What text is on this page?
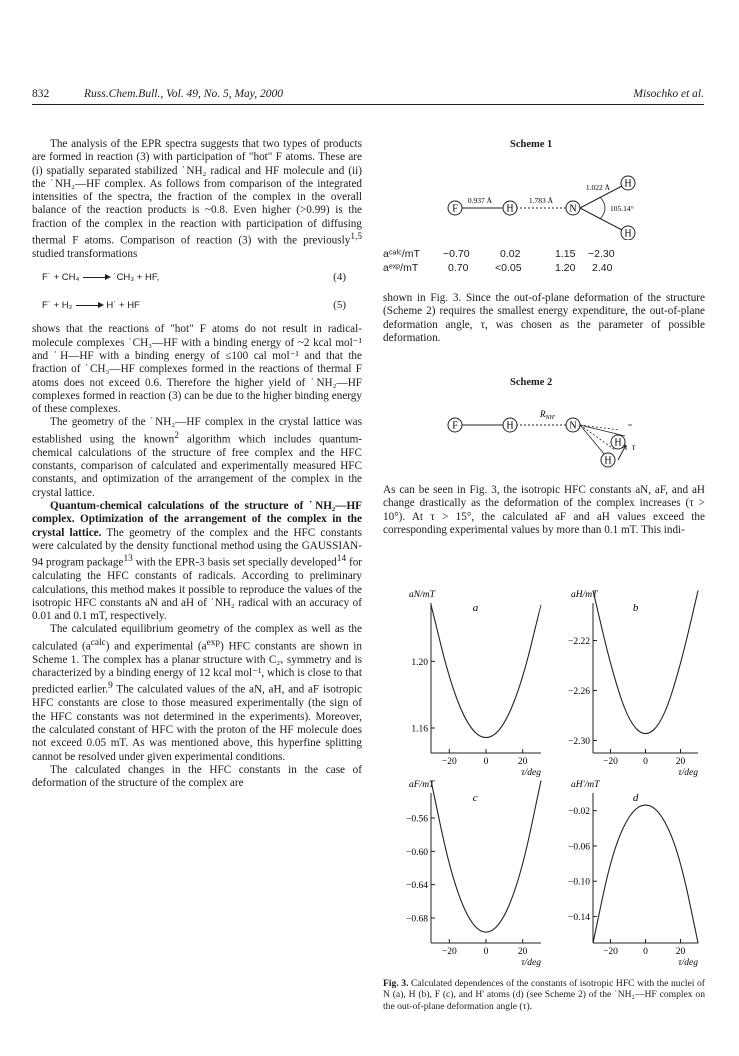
832	Russ.Chem.Bull., Vol. 49, No. 5, May, 2000	Misochko et al.

The analysis of the EPR spectra suggests that two types of products are formed in reaction (3) with participation of "hot" F atoms. These are (i) spatially separated stabilized ˙NH₂ radical and HF molecule and (ii) the ˙NH₂—HF complex. As follows from comparison of the integrated intensities of the spectra, the fraction of the complex in the overall balance of the reaction products is ~0.8. Even higher (>0.99) is the fraction of the complex in the reaction with participation of diffusing thermal F atoms. Comparison of reaction (3) with the previously$^{1,5}$ studied transformations

F˙ + CH₄ → ˙CH₃ + HF,	(4)
F˙ + H₂ → H˙ + HF	(5)

shows that the reactions of "hot" F atoms do not result in radical-molecule complexes ˙CH₃—HF with a binding energy of ~2 kcal mol⁻¹ and ˙H—HF with a binding energy of ≤100 cal mol⁻¹ and that the fraction of ˙CH₃—HF complexes formed in the reactions of thermal F atoms does not exceed 0.6. Therefore the higher yield of ˙NH₂—HF complexes formed in reaction (3) can be due to the higher binding energy of these complexes.

The geometry of the ˙NH₂—HF complex in the crystal lattice was established using the known$^2$ algorithm which includes quantum-chemical calculations of the structure of free complex and the HFC constants, comparison of calculated and experimentally measured HFC constants, and optimization of the arrangement of the complex in the crystal lattice.

Quantum-chemical calculations of the structure of ˙NH₂—HF complex. Optimization of the arrangement of the complex in the crystal lattice. The geometry of the complex and the HFC constants were calculated by the density functional method using the GAUSSIAN-94 program package$^{13}$ with the EPR-3 basis set specially developed$^{14}$ for calculating the HFC constants of radicals. According to preliminary calculations, this method makes it possible to reproduce the values of the isotropic HFC constants aN and aH of ˙NH₂ radical with an accuracy of 0.01 and 0.1 mT, respectively.

The calculated equilibrium geometry of the complex as well as the calculated $(a^{calc})$ and experimental $(a^{exp})$ HFC constants are shown in Scheme 1. The complex has a planar structure with C₂ᵥ symmetry and is characterized by a binding energy of 12 kcal mol⁻¹, which is close to that predicted earlier.$^9$ The calculated values of the aN, aH, and aF isotropic HFC constants are close to those measured experimentally (the sign of the HFC constants was not determined in the experiments). Moreover, the calculated constant of HFC with the proton of the HF molecule does not exceed 0.05 mT. As was mentioned above, this hyperfine splitting cannot be resolved under given experimental conditions.

The calculated changes in the HFC constants in the case of deformation of the structure of the complex are

Scheme 1
F	H	N
H
H
0.937 Å	1.783 Å
1.022 Å
105.14°
aᶜᵃˡᶜ/mT −0.70	0.02	1.15 −2.30
aᵉˣᵖ/mT	0.70	<0.05	1.20 2.40

shown in Fig. 3. Since the out-of-plane deformation of the structure (Scheme 2) requires the smallest energy expenditure, the out-of-plane deformation angle, τ, was chosen as the parameter of possible deformation.

Scheme 2
F	H	N
H
H
$R_{NH'}$
τ

As can be seen in Fig. 3, the isotropic HFC constants aN, aF, and aH change drastically as the deformation of the complex increases (τ > 10°). At τ > 15°, the calculated aF and aH values exceed the corresponding experimental values by more than 0.1 mT. This indi-

aN/mT
a
1.20
1.16
−20	0	20
τ/deg
aH/mT
b
−2.22
−2.26
−2.30
−20	0	20
τ/deg
aF/mT
c
−0.56
−0.60
−0.64
−0.68
−20	0	20
τ/deg
aH'/mT
d
−0.02
−0.06
−0.10
−0.14
−20	0	20
τ/deg
Fig. 3. Calculated dependences of the constants of isotropic HFC with the nuclei of N (a), H (b), F (c), and H' atoms (d) (see Scheme 2) of the ˙NH₂—HF complex on the out-of-plane deformation angle (τ).
